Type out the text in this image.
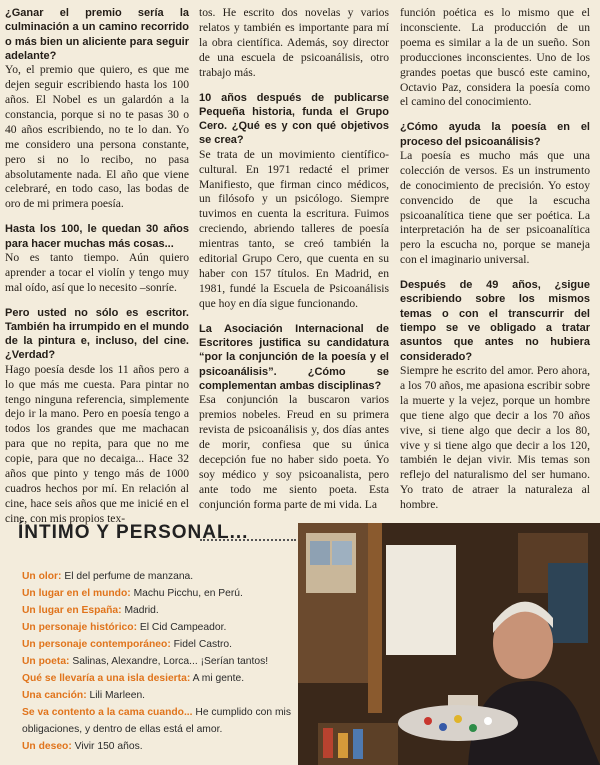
¿Ganar el premio sería la culminación a un camino recorrido o más bien un aliciente para seguir adelante?
Yo, el premio que quiero, es que me dejen seguir escribiendo hasta los 100 años. El Nobel es un galardón a la constancia, porque si no te pasas 30 o 40 años escribiendo, no te lo dan. Yo me considero una persona constante, pero si no lo recibo, no pasa absolutamente nada. El año que viene celebraré, en todo caso, las bodas de oro de mi primera poesía.

Hasta los 100, le quedan 30 años para hacer muchas más cosas...
No es tanto tiempo. Aún quiero aprender a tocar el violín y tengo muy mal oído, así que lo necesito –sonríe.

Pero usted no sólo es escritor. También ha irrumpido en el mundo de la pintura e, incluso, del cine. ¿Verdad?
Hago poesía desde los 11 años pero a lo que más me cuesta. Para pintar no tengo ninguna referencia, simplemente dejo ir la mano. Pero en poesía tengo a todos los grandes que me machacan para que no repita, para que no me copie, para que no decaiga... Hace 32 años que pinto y tengo más de 1000 cuadros hechos por mí. En relación al cine, hace seis años que me inicié en el cine, con mis propios tex-

tos. He escrito dos novelas y varios relatos y también es importante para mí la obra científica. Además, soy director de una escuela de psicoanálisis, otro trabajo más.

10 años después de publicarse Pequeña historia, funda el Grupo Cero. ¿Qué es y con qué objetivos se crea?
Se trata de un movimiento científico-cultural. En 1971 redacté el primer Manifiesto, que firman cinco médicos, un filósofo y un psicólogo. Siempre tuvimos en cuenta la escritura. Fuimos creciendo, abriendo talleres de poesía mientras tanto, se creó también la editorial Grupo Cero, que cuenta en su haber con 157 títulos. En Madrid, en 1981, fundé la Escuela de Psicoanálisis que hoy en día sigue funcionando.

La Asociación Internacional de Escritores justifica su candidatura “por la conjunción de la poesía y el psicoanálisis”. ¿Cómo se complementan ambas disciplinas?
Esa conjunción la buscaron varios premios nobeles. Freud en su primera revista de psicoanálisis y, dos días antes de morir, confiesa que su única decepción fue no haber sido poeta. Yo soy médico y soy psicoanalista, pero ante todo me siento poeta. Esta conjunción forma parte de mi vida. La

función poética es lo mismo que el inconsciente. La producción de un poema es similar a la de un sueño. Son producciones inconscientes. Uno de los grandes poetas que buscó este camino, Octavio Paz, considera la poesía como el camino del conocimiento.

¿Cómo ayuda la poesía en el proceso del psicoanálisis?
La poesía es mucho más que una colección de versos. Es un instrumento de conocimiento de precisión. Yo estoy convencido de que la escucha psicoanalítica tiene que ser poética. La interpretación ha de ser psicoanalítica pero la escucha no, porque se maneja con el imaginario universal.

Después de 49 años, ¿sigue escribiendo sobre los mismos temas o con el transcurrir del tiempo se ve obligado a tratar asuntos que antes no hubiera considerado?
Siempre he escrito del amor. Pero ahora, a los 70 años, me apasiona escribir sobre la muerte y la vejez, porque un hombre que tiene algo que decir a los 70 años vive, si tiene algo que decir a los 80, vive y si tiene algo que decir a los 120, también le dejan vivir. Mis temas son reflejo del naturalismo del ser humano. Yo trato de atraer la naturaleza al hombre.

ÍNTIMO Y PERSONAL...
Un olor: El del perfume de manzana.
Un lugar en el mundo: Machu Picchu, en Perú.
Un lugar en España: Madrid.
Un personaje histórico: El Cid Campeador.
Un personaje contemporáneo: Fidel Castro.
Un poeta: Salinas, Alexandre, Lorca... ¡Serían tantos!
Qué se llevaría a una isla desierta: A mi gente.
Una canción: Lili Marleen.
Se va contento a la cama cuando... He cumplido con mis obligaciones, y dentro de ellas está el amor.
Un deseo: Vivir 150 años.
